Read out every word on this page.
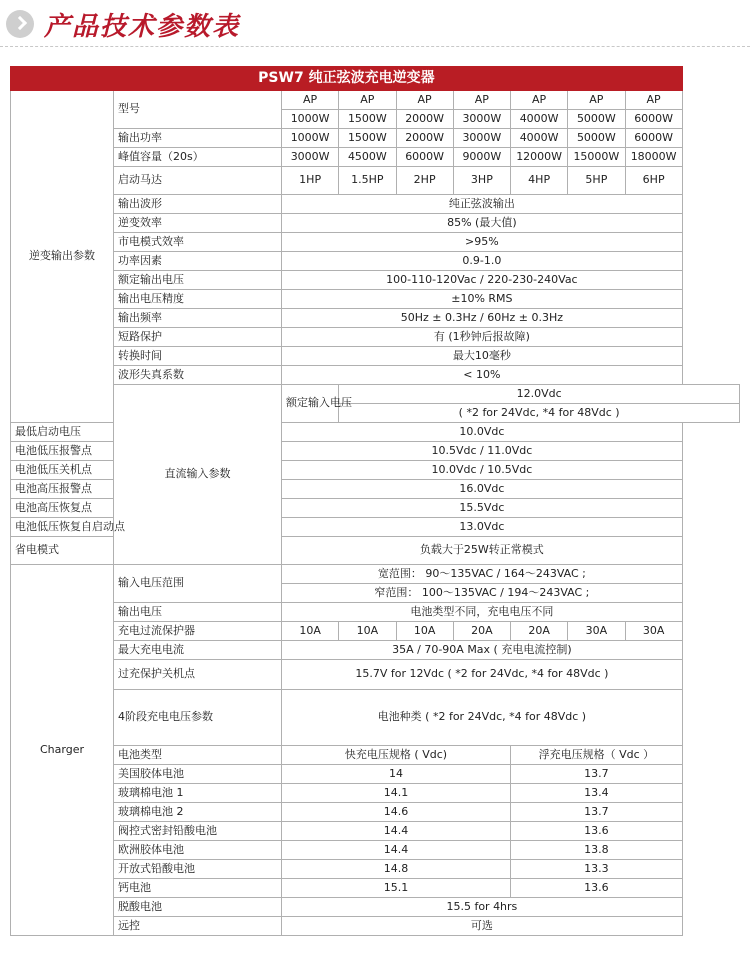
产品技术参数表
PSW7 纯正弦波充电逆变器								
逆变输出参数	型号	AP	AP	AP	AP	AP	AP	AP
		1000W	1500W	2000W	3000W	4000W	5000W	6000W
	输出功率	1000W	1500W	2000W	3000W	4000W	5000W	6000W
	峰值容量（20s）	3000W	4500W	6000W	9000W	12000W	15000W	18000W
	启动马达	1HP	1.5HP	2HP	3HP	4HP	5HP	6HP
	输出波形	纯正弦波输出						
	逆变效率	85% (最大值)						
	市电模式效率	>95%						
	功率因素	0.9-1.0						
	额定输出电压	100-110-120Vac / 220-230-240Vac						
	输出电压精度	±10% RMS						
	输出频率	50Hz ± 0.3Hz / 60Hz ± 0.3Hz						
	短路保护	有 (1秒钟后报故障)						
	转换时间	最大10毫秒						
	波形失真系数	< 10%						
	直流输入参数	额定输入电压	12.0Vdc					
			( *2 for 24Vdc, *4 for 48Vdc )					
最低启动电压		10.0Vdc						
电池低压报警点		10.5Vdc / 11.0Vdc						
电池低压关机点		10.0Vdc / 10.5Vdc						
电池高压报警点		16.0Vdc						
电池高压恢复点		15.5Vdc						
电池低压恢复自启动点		13.0Vdc						
省电模式		负载大于25W转正常模式						
Charger	输入电压范围	宽范围： 90～135VAC / 164～243VAC ;						
		窄范围： 100～135VAC / 194～243VAC ;						
	输出电压	电池类型不同，充电电压不同						
	充电过流保护器	10A	10A	10A	20A	20A	30A	30A
	最大充电电流	35A / 70-90A Max ( 充电电流控制)						
	过充保护关机点	15.7V for 12Vdc ( *2 for 24Vdc, *4 for 48Vdc )						
	4阶段充电电压参数	电池种类 ( *2 for 24Vdc, *4 for 48Vdc )						
	电池类型	快充电压规格 ( Vdc)				浮充电压规格（ Vdc ）		
	美国胶体电池	14				13.7		
	玻璃棉电池 1	14.1				13.4		
	玻璃棉电池 2	14.6				13.7		
	阀控式密封铅酸电池	14.4				13.6		
	欧洲胶体电池	14.4				13.8		
	开放式铅酸电池	14.8				13.3		
	钙电池	15.1				13.6		
	脱酸电池	15.5 for 4hrs						
	远控	可选						
